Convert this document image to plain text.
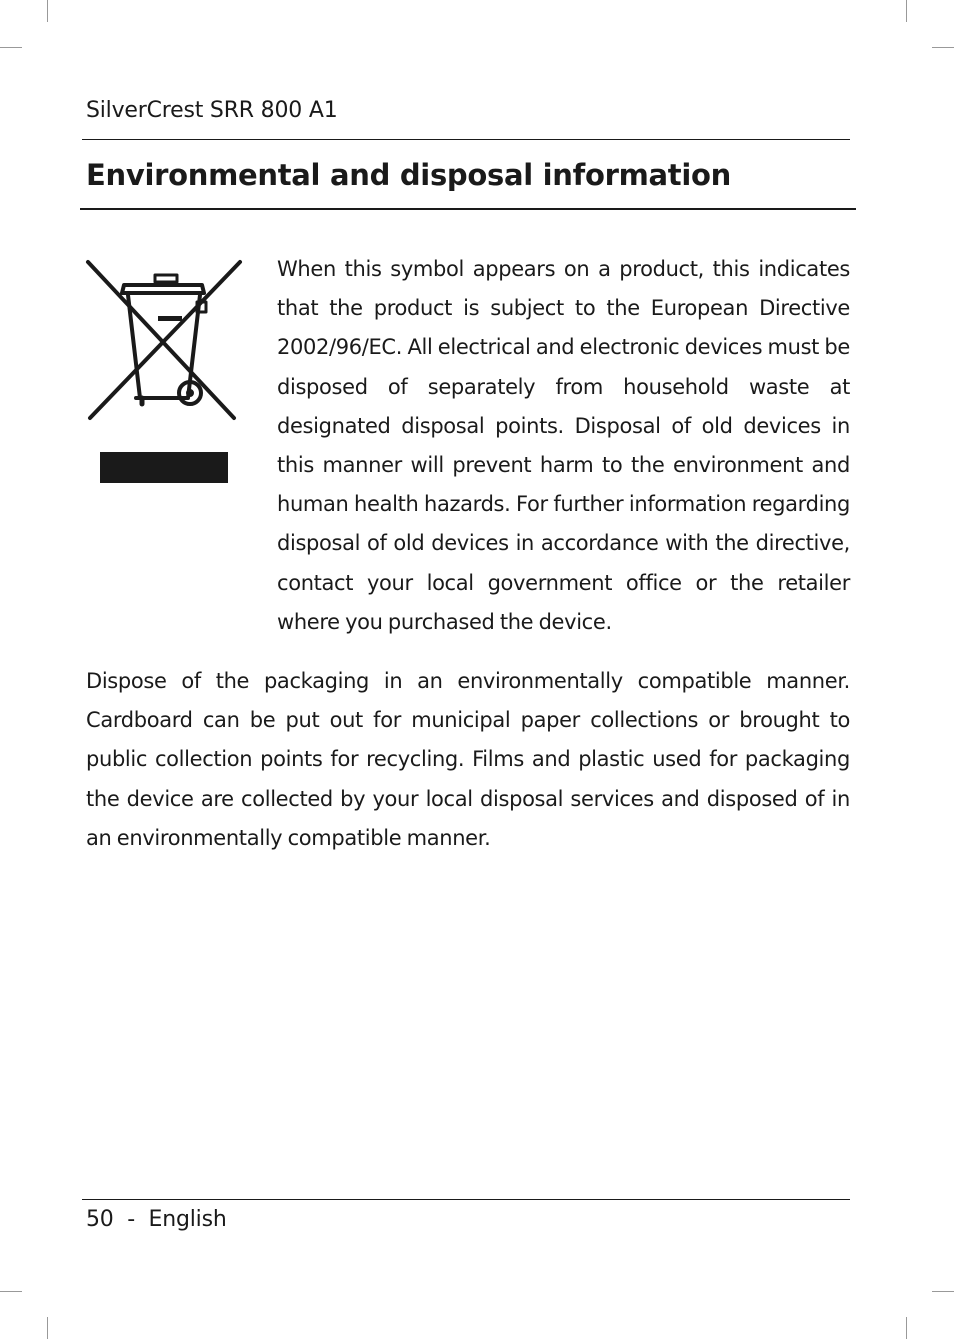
SilverCrest SRR 800 A1
Environmental and disposal information

When this symbol appears on a product, this indicates that the product is subject to the European Directive 2002/96/EC. All electrical and electronic devices must be disposed of separately from household waste at designated disposal points. Disposal of old devices in this manner will prevent harm to the environment and human health hazards. For further information regarding disposal of old devices in accordance with the directive, contact your local government office or the retailer where you purchased the device.

Dispose of the packaging in an environmentally compatible manner. Cardboard can be put out for municipal paper collections or brought to public collection points for recycling. Films and plastic used for packaging the device are collected by your local disposal services and disposed of in an environmentally compatible manner.

50 - English
